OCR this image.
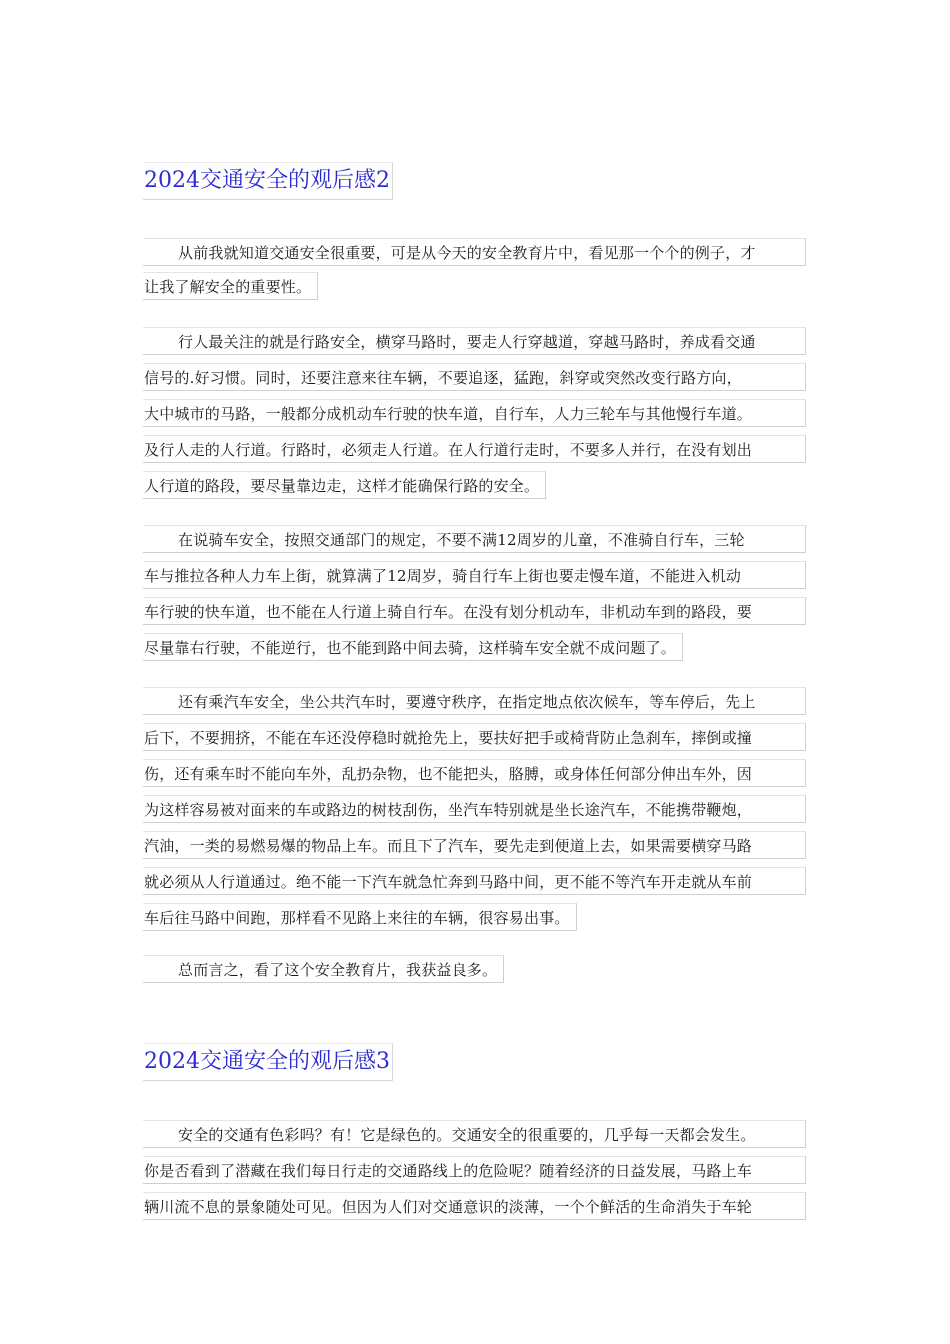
2024交通安全的观后感2
从前我就知道交通安全很重要，可是从今天的安全教育片中，看见那一个个的例子，才
让我了解安全的重要性。
行人最关注的就是行路安全，横穿马路时，要走人行穿越道，穿越马路时，养成看交通
信号的.好习惯。同时，还要注意来往车辆，不要追逐，猛跑，斜穿或突然改变行路方向，
大中城市的马路，一般都分成机动车行驶的快车道，自行车，人力三轮车与其他慢行车道。
及行人走的人行道。行路时，必须走人行道。在人行道行走时，不要多人并行，在没有划出
人行道的路段，要尽量靠边走，这样才能确保行路的安全。
在说骑车安全，按照交通部门的规定，不要不满12周岁的儿童，不准骑自行车，三轮
车与推拉各种人力车上街，就算满了12周岁，骑自行车上街也要走慢车道，不能进入机动
车行驶的快车道，也不能在人行道上骑自行车。在没有划分机动车，非机动车到的路段，要
尽量靠右行驶，不能逆行，也不能到路中间去骑，这样骑车安全就不成问题了。
还有乘汽车安全，坐公共汽车时，要遵守秩序，在指定地点依次候车，等车停后，先上
后下，不要拥挤，不能在车还没停稳时就抢先上，要扶好把手或椅背防止急刹车，摔倒或撞
伤，还有乘车时不能向车外，乱扔杂物，也不能把头，胳膊，或身体任何部分伸出车外，因
为这样容易被对面来的车或路边的树枝刮伤，坐汽车特别就是坐长途汽车，不能携带鞭炮，
汽油，一类的易燃易爆的物品上车。而且下了汽车，要先走到便道上去，如果需要横穿马路
就必须从人行道通过。绝不能一下汽车就急忙奔到马路中间，更不能不等汽车开走就从车前
车后往马路中间跑，那样看不见路上来往的车辆，很容易出事。
总而言之，看了这个安全教育片，我获益良多。
2024交通安全的观后感3
安全的交通有色彩吗？有！它是绿色的。交通安全的很重要的，几乎每一天都会发生。
你是否看到了潜藏在我们每日行走的交通路线上的危险呢？随着经济的日益发展，马路上车
辆川流不息的景象随处可见。但因为人们对交通意识的淡薄，一个个鲜活的生命消失于车轮
